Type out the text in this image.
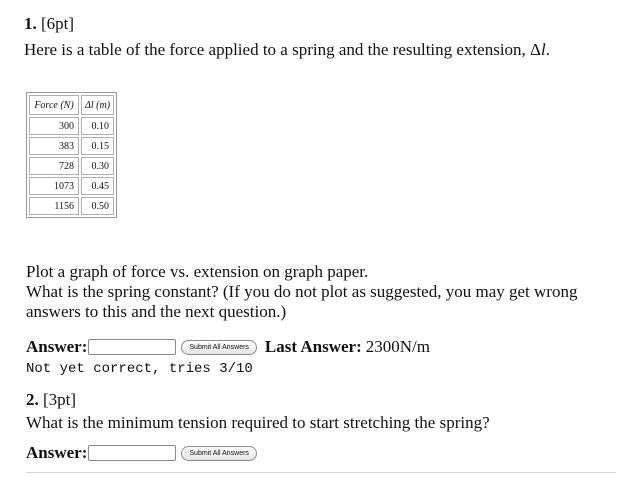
1. [6pt]
Here is a table of the force applied to a spring and the resulting extension, Δl.
Force (N)	Δl (m)
300	0.10
383	0.15
728	0.30
1073	0.45
1156	0.50
Plot a graph of force vs. extension on graph paper.
What is the spring constant? (If you do not plot as suggested, you may get wrong answers to this and the next question.)
Answer:	Submit All Answers Last Answer: 2300N/m
Not yet correct, tries 3/10
2. [3pt]
What is the minimum tension required to start stretching the spring?
Answer:	Submit All Answers
